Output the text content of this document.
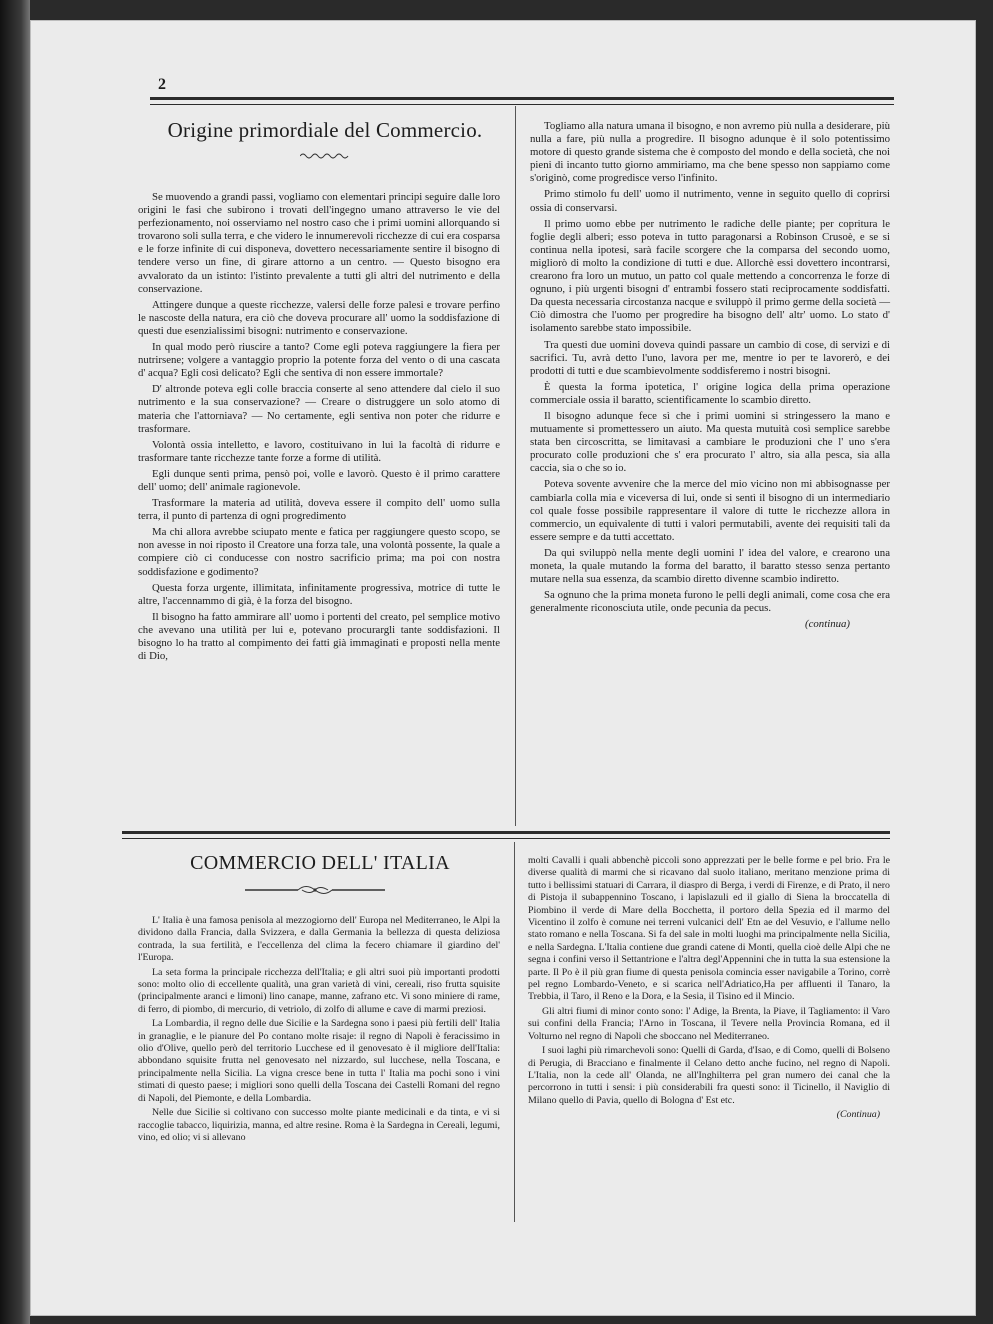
2
Origine primordiale del Commercio.

Se muovendo a grandi passi, vogliamo con elementari principi seguire dalle loro origini le fasi che subirono i trovati dell'ingegno umano attraverso le vie del perfezionamento, noi osserviamo nel nostro caso che i primi uomini allorquando si trovarono soli sulla terra, e che videro le innumerevoli ricchezze di cui era cosparsa e le forze infinite di cui disponeva, dovettero necessariamente sentire il bisogno di tendere verso un fine, di girare attorno a un centro. — Questo bisogno era avvalorato da un istinto: l'istinto prevalente a tutti gli altri del nutrimento e della conservazione.

Attingere dunque a queste ricchezze, valersi delle forze palesi e trovare perfino le nascoste della natura, era ciò che doveva procurare all' uomo la soddisfazione di questi due esenzialissimi bisogni: nutrimento e conservazione.

In qual modo però riuscire a tanto? Come egli poteva raggiungere la fiera per nutrirsene; volgere a vantaggio proprio la potente forza del vento o di una cascata d' acqua? Egli così delicato? Egli che sentiva di non essere immortale?

D' altronde poteva egli colle braccia conserte al seno attendere dal cielo il suo nutrimento e la sua conservazione? — Creare o distruggere un solo atomo di materia che l'attorniava? — No certamente, egli sentiva non poter che ridurre e trasformare.

Volontà ossia intelletto, e lavoro, costituivano in lui la facoltà di ridurre e trasformare tante ricchezze tante forze a forme di utilità.

Egli dunque sentì prima, pensò poi, volle e lavorò. Questo è il primo carattere dell' uomo; dell' animale ragionevole.

Trasformare la materia ad utilità, doveva essere il compito dell' uomo sulla terra, il punto di partenza di ogni progredimento

Ma chi allora avrebbe sciupato mente e fatica per raggiungere questo scopo, se non avesse in noi riposto il Creatore una forza tale, una volontà possente, la quale a compiere ciò ci conducesse con nostro sacrificio prima; ma poi con nostra soddisfazione e godimento?

Questa forza urgente, illimitata, infinitamente progressiva, motrice di tutte le altre, l'accennammo di già, è la forza del bisogno.

Il bisogno ha fatto ammirare all' uomo i portenti del creato, pel semplice motivo che avevano una utilità per lui e, potevano procurargli tante soddisfazioni. Il bisogno lo ha tratto al compimento dei fatti già immaginati e proposti nella mente di Dio,

Togliamo alla natura umana il bisogno, e non avremo più nulla a desiderare, più nulla a fare, più nulla a progredire. Il bisogno adunque è il solo potentissimo motore di questo grande sistema che è composto del mondo e della società, che noi pieni di incanto tutto giorno ammiriamo, ma che bene spesso non sappiamo come s'originò, come progredisce verso l'infinito.

Primo stimolo fu dell' uomo il nutrimento, venne in seguito quello di coprirsi ossia di conservarsi.

Il primo uomo ebbe per nutrimento le radiche delle piante; per copritura le foglie degli alberi; esso poteva in tutto paragonarsi a Robinson Crusoè, e se si continua nella ipotesi, sarà facile scorgere che la comparsa del secondo uomo, migliorò di molto la condizione di tutti e due. Allorchè essi dovettero incontrarsi, crearono fra loro un mutuo, un patto col quale mettendo a concorrenza le forze di ognuno, i più urgenti bisogni d' entrambi fossero stati reciprocamente soddisfatti. Da questa necessaria circostanza nacque e sviluppò il primo germe della società — Ciò dimostra che l'uomo per progredire ha bisogno dell' altr' uomo. Lo stato d' isolamento sarebbe stato impossibile.

Tra questi due uomini doveva quindi passare un cambio di cose, di servizi e di sacrifici. Tu, avrà detto l'uno, lavora per me, mentre io per te lavorerò, e dei prodotti di tutti e due scambievolmente soddisferemo i nostri bisogni.

È questa la forma ipotetica, l' origine logica della prima operazione commerciale ossia il baratto, scientificamente lo scambio diretto.

Il bisogno adunque fece sì che i primi uomini si stringessero la mano e mutuamente si promettessero un aiuto. Ma questa mutuità così semplice sarebbe stata ben circoscritta, se limitavasi a cambiare le produzioni che l' uno s'era procurato colle produzioni che s' era procurato l' altro, sia alla pesca, sia alla caccia, sia o che so io.

Poteva sovente avvenire che la merce del mio vicino non mi abbisognasse per cambiarla colla mia e viceversa di lui, onde si sentì il bisogno di un intermediario col quale fosse possibile rappresentare il valore di tutte le ricchezze allora in commercio, un equivalente di tutti i valori permutabili, avente dei requisiti tali da essere sempre e da tutti accettato.

Da qui sviluppò nella mente degli uomini l' idea del valore, e crearono una moneta, la quale mutando la forma del baratto, il baratto stesso senza pertanto mutare nella sua essenza, da scambio diretto divenne scambio indiretto.

Sa ognuno che la prima moneta furono le pelli degli animali, come cosa che era generalmente riconosciuta utile, onde pecunia da pecus.

(continua)
COMMERCIO DELL' ITALIA

L' Italia è una famosa penisola al mezzogiorno dell' Europa nel Mediterraneo, le Alpi la dividono dalla Francia, dalla Svizzera, e dalla Germania la bellezza di questa deliziosa contrada, la sua fertilità, e l'eccellenza del clima la fecero chiamare il giardino del' l'Europa.

La seta forma la principale ricchezza dell'Italia; e gli altri suoi più importanti prodotti sono: molto olio di eccellente qualità, una gran varietà di vini, cereali, riso frutta squisite (principalmente aranci e limoni) lino canape, manne, zafrano etc. Vi sono miniere di rame, di ferro, di piombo, di mercurio, di vetriolo, di zolfo di allume e cave di marmi preziosi.

La Lombardia, il regno delle due Sicilie e la Sardegna sono i paesi più fertili dell' Italia in granaglie, e le pianure del Po contano molte risaje: il regno di Napoli è feracissimo in olio d'Olive, quello però del territorio Lucchese ed il genovesato è il migliore dell'Italia: abbondano squisite frutta nel genovesato nel nizzardo, sul lucchese, nella Toscana, e principalmente nella Sicilia. La vigna cresce bene in tutta l' Italia ma pochi sono i vini stimati di questo paese; i migliori sono quelli della Toscana dei Castelli Romani del regno di Napoli, del Piemonte, e della Lombardia.

Nelle due Sicilie si coltivano con successo molte piante medicinali e da tinta, e vi si raccoglie tabacco, liquirizia, manna, ed altre resine. Roma è la Sardegna in Cereali, legumi, vino, ed olio; vi si allevano

molti Cavalli i quali abbenchè piccoli sono apprezzati per le belle forme e pel brio. Fra le diverse qualità di marmi che si ricavano dal suolo italiano, meritano menzione prima di tutto i bellissimi statuari di Carrara, il diaspro di Berga, i verdi di Firenze, e di Prato, il nero di Pistoja il subappennino Toscano, i lapislazuli ed il giallo di Siena la broccatella di Piombino il verde di Mare della Bocchetta, il portoro della Spezia ed il marmo del Vicentino il zolfo è comune nei terreni vulcanici dell' Etn ae del Vesuvio, e l'allume nello stato romano e nella Toscana. Si fa del sale in molti luoghi ma principalmente nella Sicilia, e nella Sardegna. L'Italia contiene due grandi catene di Monti, quella cioè delle Alpi che ne segna i confini verso il Settantrione e l'altra degl'Appennini che in tutta la sua estensione la parte. Il Po è il più gran fiume di questa penisola comincia esser navigabile a Torino, corrè pel regno Lombardo-Veneto, e si scarica nell'Adriatico,Ha per affluenti il Tanaro, la Trebbia, il Taro, il Reno e la Dora, e la Sesia, il Tisino ed il Mincio.

Gli altri fiumi di minor conto sono: l' Adige, la Brenta, la Piave, il Tagliamento: il Varo sui confini della Francia; l'Arno in Toscana, il Tevere nella Provincia Romana, ed il Volturno nel regno di Napoli che sboccano nel Mediterraneo.

I suoi laghi più rimarchevoli sono: Quelli di Garda, d'Isao, e di Como, quelli di Bolseno di Perugia, di Bracciano e finalmente il Celano detto anche fucino, nel regno di Napoli. L'Italia, non la cede all' Olanda, ne all'Inghilterra pel gran numero dei canal che la percorrono in tutti i sensi: i più considerabili fra questi sono: il Ticinello, il Naviglio di Milano quello di Pavia, quello di Bologna d' Est etc.

(Continua)
